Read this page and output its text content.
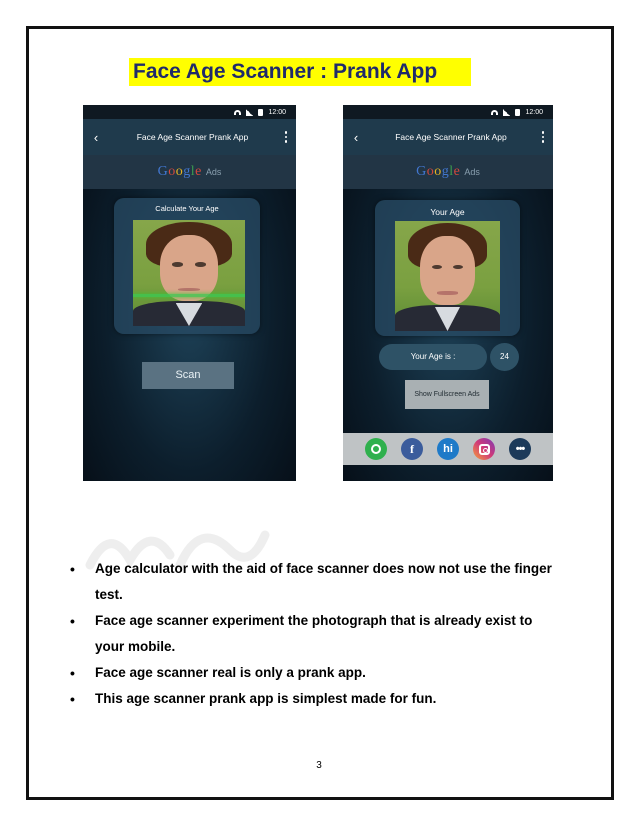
Face Age Scanner : Prank App
12:00
‹	Face Age Scanner Prank App
Google Ads
Calculate Your Age
Scan
12:00
‹	Face Age Scanner Prank App
Google Ads
Your Age
Your Age is :	24
Show Fullscreen Ads
f	hi	•••
• Age calculator with the aid of face scanner does now not use the finger test.
• Face age scanner experiment the photograph that is already exist to your mobile.
• Face age scanner real is only a prank app.
• This age scanner prank app is simplest made for fun.
3
